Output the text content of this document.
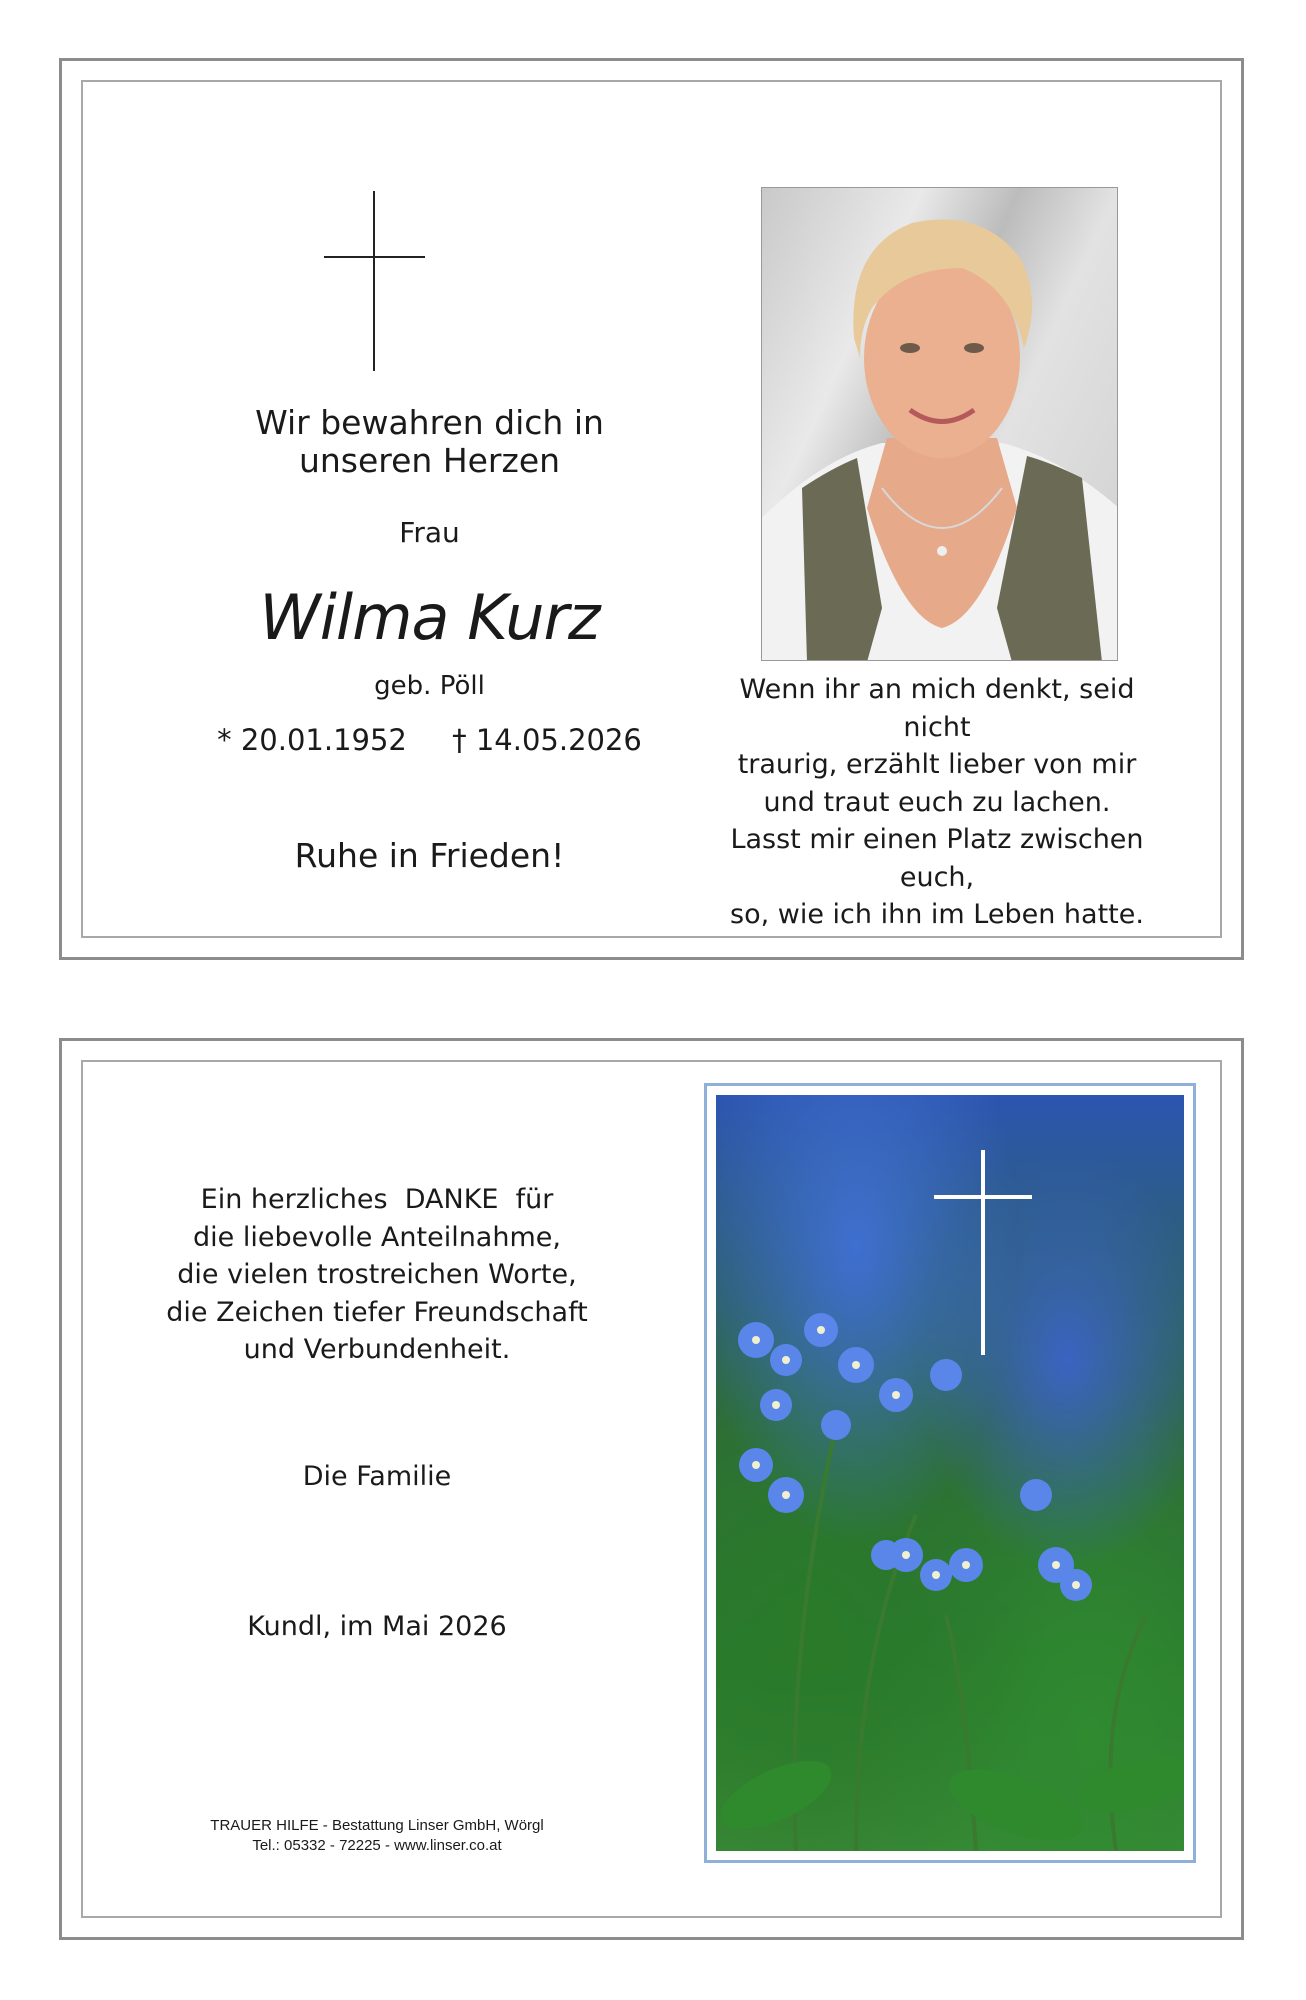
Wir bewahren dich in
unseren Herzen
Frau
Wilma Kurz
geb. Pöll
* 20.01.1952 † 14.05.2026
Ruhe in Frieden!
Wenn ihr an mich denkt, seid nicht
traurig, erzählt lieber von mir
und traut euch zu lachen.
Lasst mir einen Platz zwischen euch,
so, wie ich ihn im Leben hatte.
Ein herzliches  DANKE  für
die liebevolle Anteilnahme,
die vielen trostreichen Worte,
die Zeichen tiefer Freundschaft
und Verbundenheit.
Die Familie
Kundl, im Mai 2026
TRAUER HILFE - Bestattung Linser GmbH, Wörgl
Tel.: 05332 - 72225 - www.linser.co.at
